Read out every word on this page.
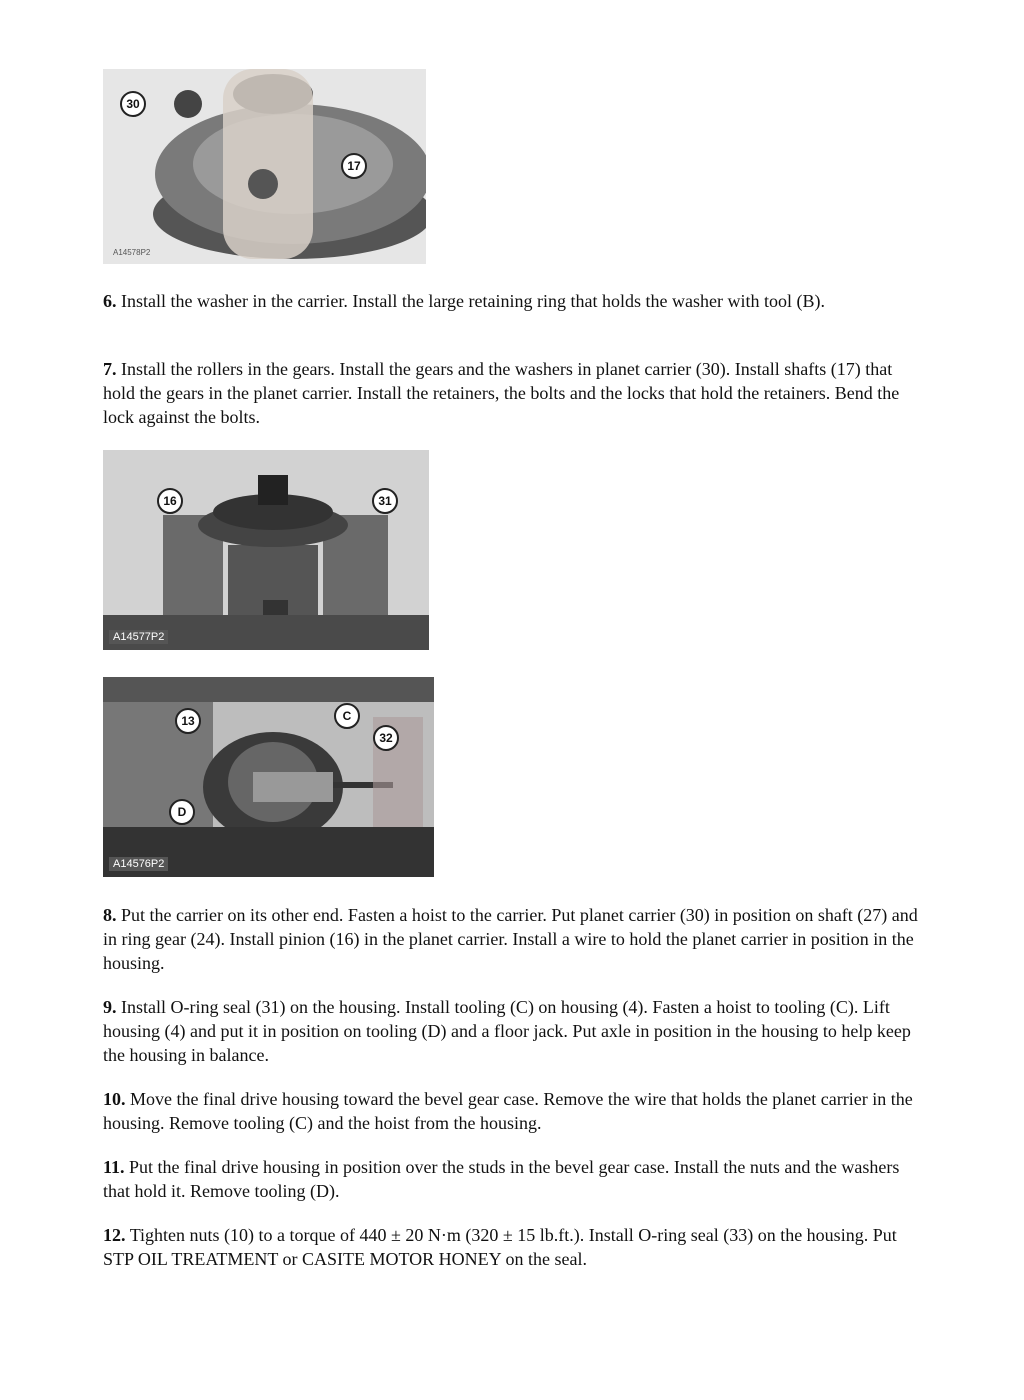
30
17
A14578P2

6. Install the washer in the carrier. Install the large retaining ring that holds the washer with tool (B).

7. Install the rollers in the gears. Install the gears and the washers in planet carrier (30). Install shafts (17) that hold the gears in the planet carrier. Install the retainers, the bolts and the locks that hold the retainers. Bend the lock against the bolts.

16	31
A14577P2
13	C
32
D
A14576P2

8. Put the carrier on its other end. Fasten a hoist to the carrier. Put planet carrier (30) in position on shaft (27) and in ring gear (24). Install pinion (16) in the planet carrier. Install a wire to hold the planet carrier in position in the housing.

9. Install O-ring seal (31) on the housing. Install tooling (C) on housing (4). Fasten a hoist to tooling (C). Lift housing (4) and put it in position on tooling (D) and a floor jack. Put axle in position in the housing to help keep the housing in balance.

10. Move the final drive housing toward the bevel gear case. Remove the wire that holds the planet carrier in the housing. Remove tooling (C) and the hoist from the housing.

11. Put the final drive housing in position over the studs in the bevel gear case. Install the nuts and the washers that hold it. Remove tooling (D).

12. Tighten nuts (10) to a torque of 440 ± 20 N·m (320 ± 15 lb.ft.). Install O-ring seal (33) on the housing. Put STP OIL TREATMENT or CASITE MOTOR HONEY on the seal.
